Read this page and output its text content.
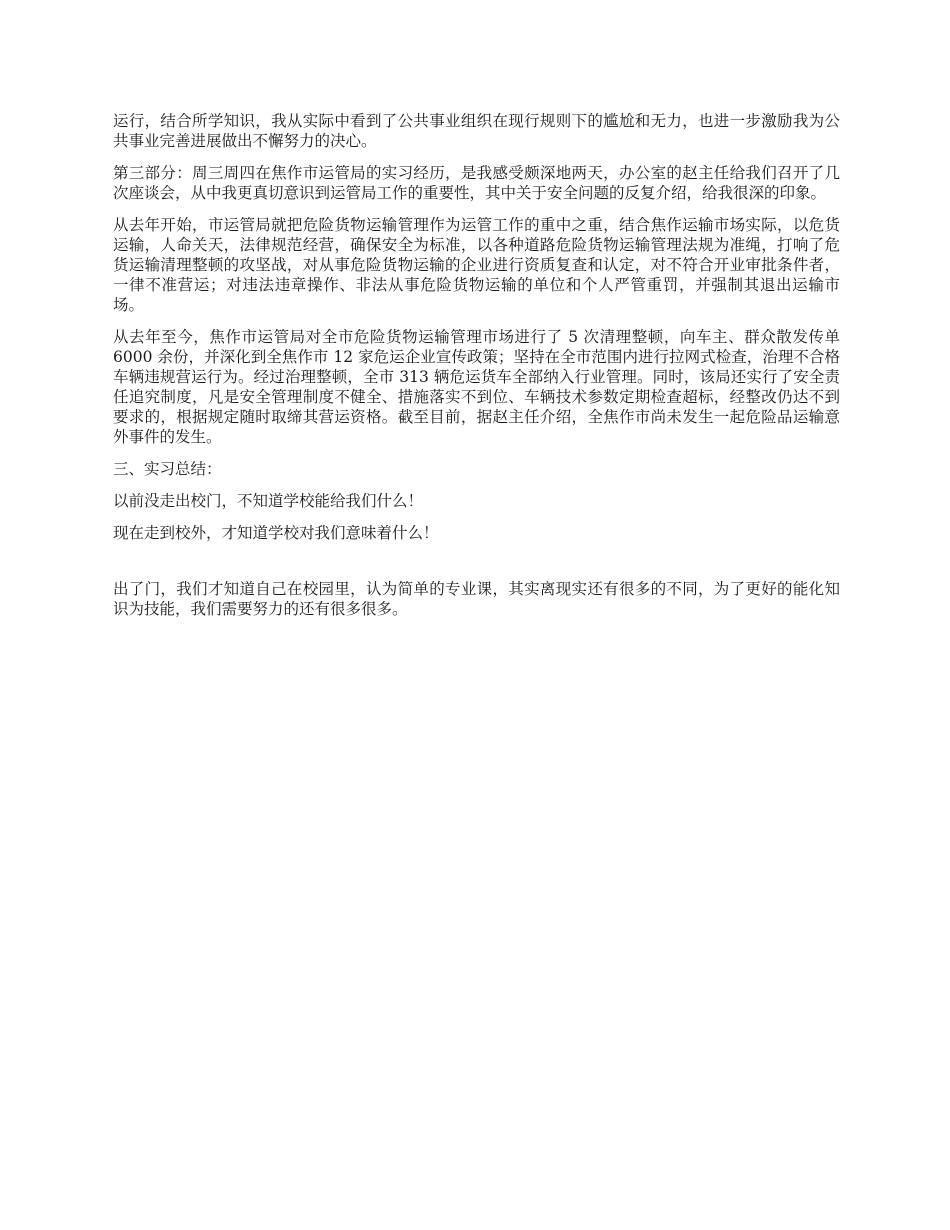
运行，结合所学知识，我从实际中看到了公共事业组织在现行规则下的尴尬和无力，也进一步激励我为公共事业完善进展做出不懈努力的决心。

第三部分：周三周四在焦作市运管局的实习经历，是我感受颇深地两天，办公室的赵主任给我们召开了几次座谈会，从中我更真切意识到运管局工作的重要性，其中关于安全问题的反复介绍，给我很深的印象。

从去年开始，市运管局就把危险货物运输管理作为运管工作的重中之重，结合焦作运输市场实际，以危货运输，人命关天，法律规范经营，确保安全为标准，以各种道路危险货物运输管理法规为准绳，打响了危货运输清理整顿的攻坚战，对从事危险货物运输的企业进行资质复查和认定，对不符合开业审批条件者，一律不准营运；对违法违章操作、非法从事危险货物运输的单位和个人严管重罚，并强制其退出运输市场。

从去年至今，焦作市运管局对全市危险货物运输管理市场进行了 5 次清理整顿，向车主、群众散发传单 6000 余份，并深化到全焦作市 12 家危运企业宣传政策；坚持在全市范围内进行拉网式检查，治理不合格车辆违规营运行为。经过治理整顿，全市 313 辆危运货车全部纳入行业管理。同时，该局还实行了安全责任追究制度，凡是安全管理制度不健全、措施落实不到位、车辆技术参数定期检查超标，经整改仍达不到要求的，根据规定随时取缔其营运资格。截至目前，据赵主任介绍，全焦作市尚未发生一起危险品运输意外事件的发生。

三、实习总结：

以前没走出校门，不知道学校能给我们什么！

现在走到校外，才知道学校对我们意味着什么！

出了门，我们才知道自己在校园里，认为简单的专业课，其实离现实还有很多的不同，为了更好的能化知识为技能，我们需要努力的还有很多很多。
